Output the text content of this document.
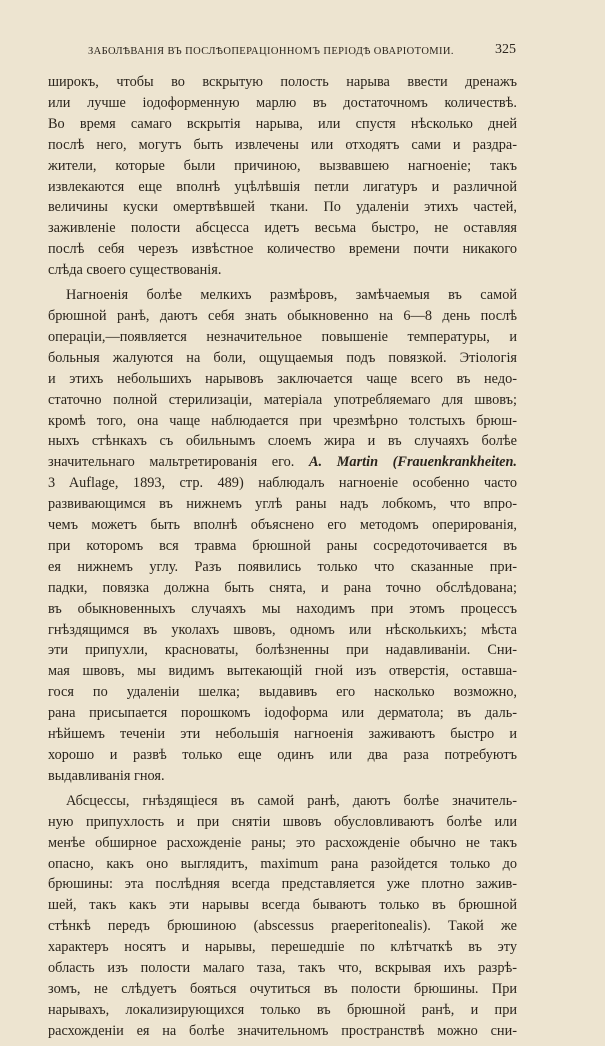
ЗАБОЛѢВАНІЯ ВЪ ПОСЛѢОПЕРАЦІОННОМЪ ПЕРІОДѢ ОВАРІОТОМІИ.	325

широкъ, чтобы во вскрытую полость нарыва ввести дренажъ
или лучше іодоформенную марлю въ достаточномъ количествѣ.
Во время самаго вскрытія нарыва, или спустя нѣсколько дней
послѣ него, могутъ быть извлечены или отходятъ сами и раздра-
жители, которые были причиною, вызвавшею нагноеніе; такъ
извлекаются еще вполнѣ уцѣлѣвшія петли лигатуръ и различной
величины куски омертвѣвшей ткани. По удаленіи этихъ частей,
заживленіе полости абсцесса идетъ весьма быстро, не оставляя
послѣ себя черезъ извѣстное количество времени почти никакого
слѣда своего существованія.

Нагноенія болѣе мелкихъ размѣровъ, замѣчаемыя въ самой
брюшной ранѣ, даютъ себя знать обыкновенно на 6—8 день послѣ
операціи,—появляется незначительное повышеніе температуры, и
больныя жалуются на боли, ощущаемыя подъ повязкой. Этіологія
и этихъ небольшихъ нарывовъ заключается чаще всего въ недо-
статочно полной стерилизаціи, матеріала употребляемаго для швовъ;
кромѣ того, она чаще наблюдается при чрезмѣрно толстыхъ брюш-
ныхъ стѣнкахъ съ обильнымъ слоемъ жира и въ случаяхъ болѣе
значительнаго мальтретированія его. A. Martin (Frauenkrankheiten.
3 Auflage, 1893, стр. 489) наблюдалъ нагноеніе особенно часто
развивающимся въ нижнемъ углѣ раны надъ лобкомъ, что впро-
чемъ можетъ быть вполнѣ объяснено его методомъ оперированія,
при которомъ вся травма брюшной раны сосредоточивается въ
ея нижнемъ углу. Разъ появились только что сказанные при-
падки, повязка должна быть снята, и рана точно обслѣдована;
въ обыкновенныхъ случаяхъ мы находимъ при этомъ процессъ
гнѣздящимся въ уколахъ швовъ, одномъ или нѣсколькихъ; мѣста
эти припухли, красноваты, болѣзненны при надавливаніи. Сни-
мая швовъ, мы видимъ вытекающій гной изъ отверстія, оставша-
гося по удаленіи шелка; выдавивъ его насколько возможно,
рана присыпается порошкомъ іодоформа или дерматола; въ даль-
нѣйшемъ теченіи эти небольшія нагноенія заживаютъ быстро и
хорошо и развѣ только еще одинъ или два раза потребуютъ
выдавливанія гноя.

Абсцессы, гнѣздящіеся въ самой ранѣ, даютъ болѣе значитель-
ную припухлость и при снятіи швовъ обусловливаютъ болѣе или
менѣе обширное расхожденіе раны; это расхожденіе обычно не такъ
опасно, какъ оно выглядитъ, maximum рана разойдется только до
брюшины: эта послѣдняя всегда представляется уже плотно зажив-
шей, такъ какъ эти нарывы всегда бываютъ только въ брюшной
стѣнкѣ передъ брюшиною (abscessus praeperitonealis). Такой же
характеръ носятъ и нарывы, перешедшіе по клѣтчаткѣ въ эту
область изъ полости малаго таза, такъ что, вскрывая ихъ разрѣ-
зомъ, не слѣдуетъ бояться очутиться въ полости брюшины. При
нарывахъ, локализирующихся только въ брюшной ранѣ, и при
расхожденіи ея на болѣе значительномъ пространствѣ можно сни-
